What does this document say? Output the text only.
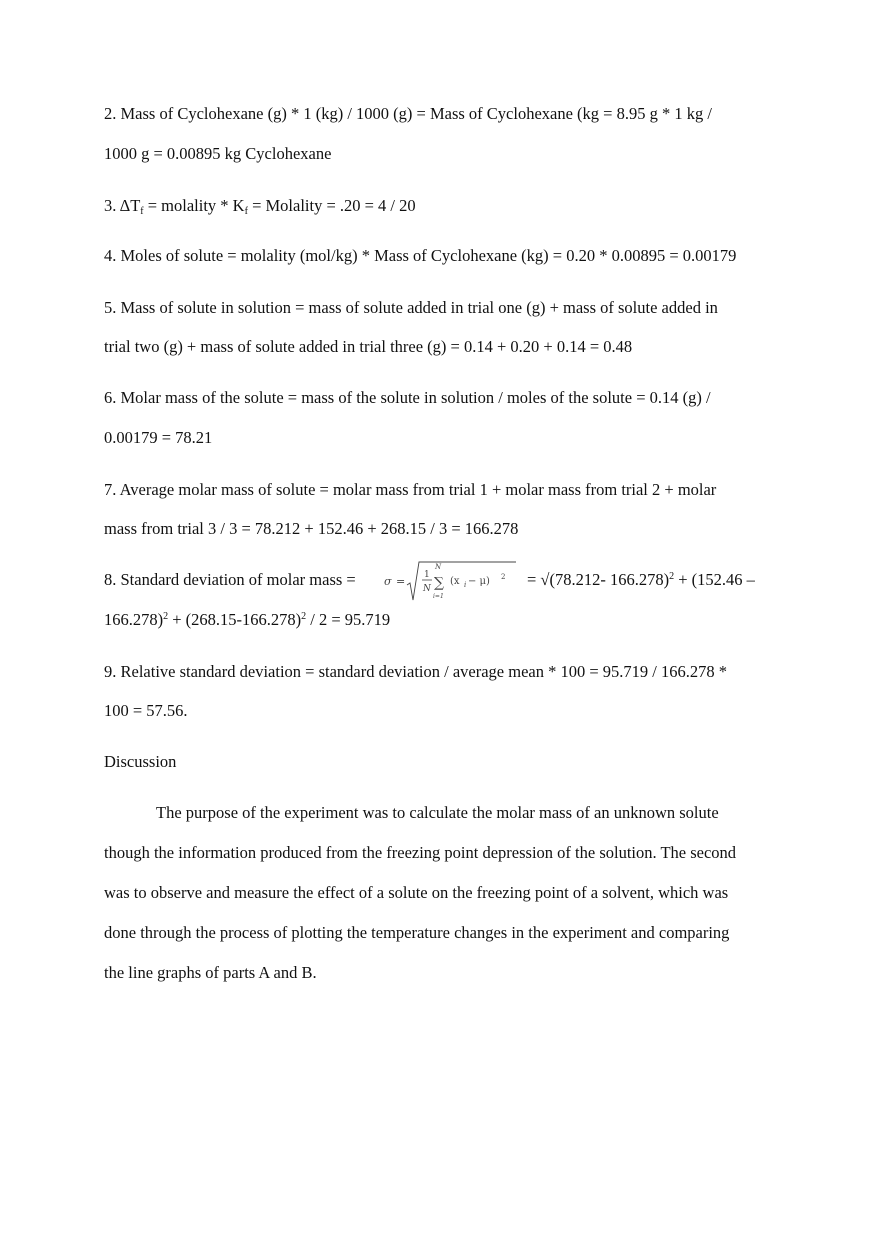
2. Mass of Cyclohexane (g) * 1 (kg) / 1000 (g) = Mass of Cyclohexane (kg = 8.95 g * 1 kg /
1000 g = 0.00895 kg Cyclohexane
3. $\Delta T_f$ = molality * $K_f$ = Molality = .20 = 4 / 20
4. Moles of solute = molality (mol/kg) * Mass of Cyclohexane (kg) = 0.20 * 0.00895 = 0.00179
5. Mass of solute in solution = mass of solute added in trial one (g) + mass of solute added in
trial two (g) + mass of solute added in trial three (g) = 0.14 + 0.20 + 0.14 = 0.48
6. Molar mass of the solute = mass of the solute in solution / moles of the solute = 0.14 (g) /
0.00179 = 78.21
7. Average molar mass of solute = molar mass from trial 1 + molar mass from trial 2 + molar
mass from trial 3 / 3 = 78.212 + 152.46 + 268.15 / 3 = 166.278
8. Standard deviation of molar mass =	σ = 1
N
N
∑
i=1
(x i − μ) 2 = √(78.212- 166.278)$^2$ + (152.46 –
$166.278)^2 + (268.15-166.278)^2 / 2 = 95.719$
9. Relative standard deviation = standard deviation / average mean * 100 = 95.719 / 166.278 *
100 = 57.56.
Discussion
The purpose of the experiment was to calculate the molar mass of an unknown solute
though the information produced from the freezing point depression of the solution. The second
was to observe and measure the effect of a solute on the freezing point of a solvent, which was
done through the process of plotting the temperature changes in the experiment and comparing
the line graphs of parts A and B.
